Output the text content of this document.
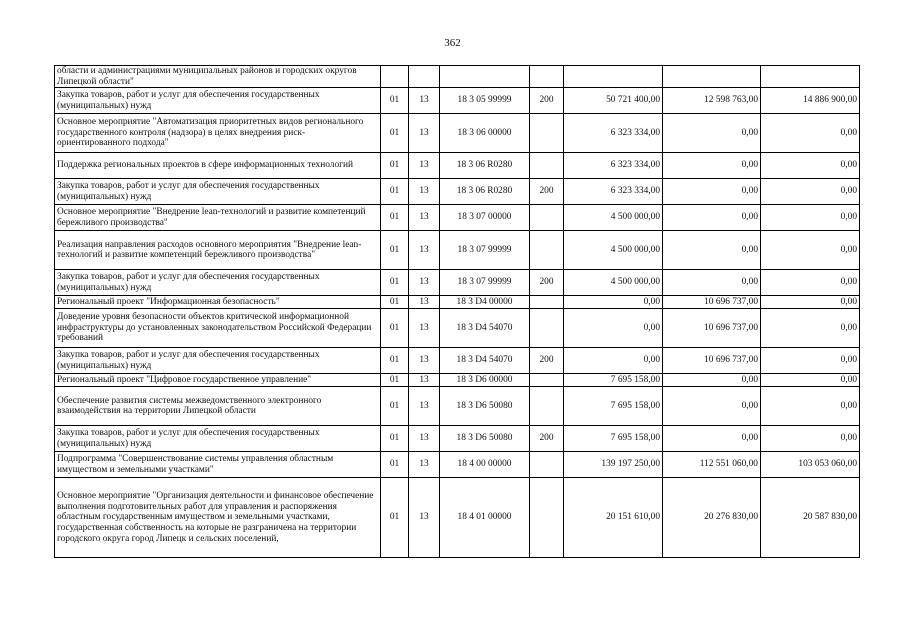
362
области и администрациями муниципальных районов и городских округов Липецкой области"							
Закупка товаров, работ и услуг для обеспечения государственных (муниципальных) нужд	01	13	18 3 05 99999	200	50 721 400,00	12 598 763,00	14 886 900,00
Основное мероприятие "Автоматизация приоритетных видов регионального государственного контроля (надзора) в целях внедрения риск-ориентированного подхода"	01	13	18 3 06 00000		6 323 334,00	0,00	0,00
Поддержка региональных проектов в сфере информационных технологий	01	13	18 3 06 R0280		6 323 334,00	0,00	0,00
Закупка товаров, работ и услуг для обеспечения государственных (муниципальных) нужд	01	13	18 3 06 R0280	200	6 323 334,00	0,00	0,00
Основное мероприятие "Внедрение lean-технологий и развитие компетенций бережливого производства"	01	13	18 3 07 00000		4 500 000,00	0,00	0,00
Реализация направления расходов основного мероприятия "Внедрение lean-технологий и развитие компетенций бережливого производства"	01	13	18 3 07 99999		4 500 000,00	0,00	0,00
Закупка товаров, работ и услуг для обеспечения государственных (муниципальных) нужд	01	13	18 3 07 99999	200	4 500 000,00	0,00	0,00
Региональный проект "Информационная безопасность"	01	13	18 3 D4 00000		0,00	10 696 737,00	0,00
Доведение уровня безопасности объектов критической информационной инфраструктуры до установленных законодательством Российской Федерации требований	01	13	18 3 D4 54070		0,00	10 696 737,00	0,00
Закупка товаров, работ и услуг для обеспечения государственных (муниципальных) нужд	01	13	18 3 D4 54070	200	0,00	10 696 737,00	0,00
Региональный проект "Цифровое государственное управление"	01	13	18 3 D6 00000		7 695 158,00	0,00	0,00
Обеспечение развития системы межведомственного электронного взаимодействия на территории Липецкой области	01	13	18 3 D6 50080		7 695 158,00	0,00	0,00
Закупка товаров, работ и услуг для обеспечения государственных (муниципальных) нужд	01	13	18 3 D6 50080	200	7 695 158,00	0,00	0,00
Подпрограмма "Совершенствование системы управления областным имуществом и земельными участками"	01	13	18 4 00 00000		139 197 250,00	112 551 060,00	103 053 060,00
Основное мероприятие "Организация деятельности и финансовое обеспечение выполнения подготовительных работ для управления и распоряжения областным государственным имуществом и земельными участками, государственная собственность на которые не разграничена на территории городского округа город Липецк и сельских поселений,	01	13	18 4 01 00000		20 151 610,00	20 276 830,00	20 587 830,00
